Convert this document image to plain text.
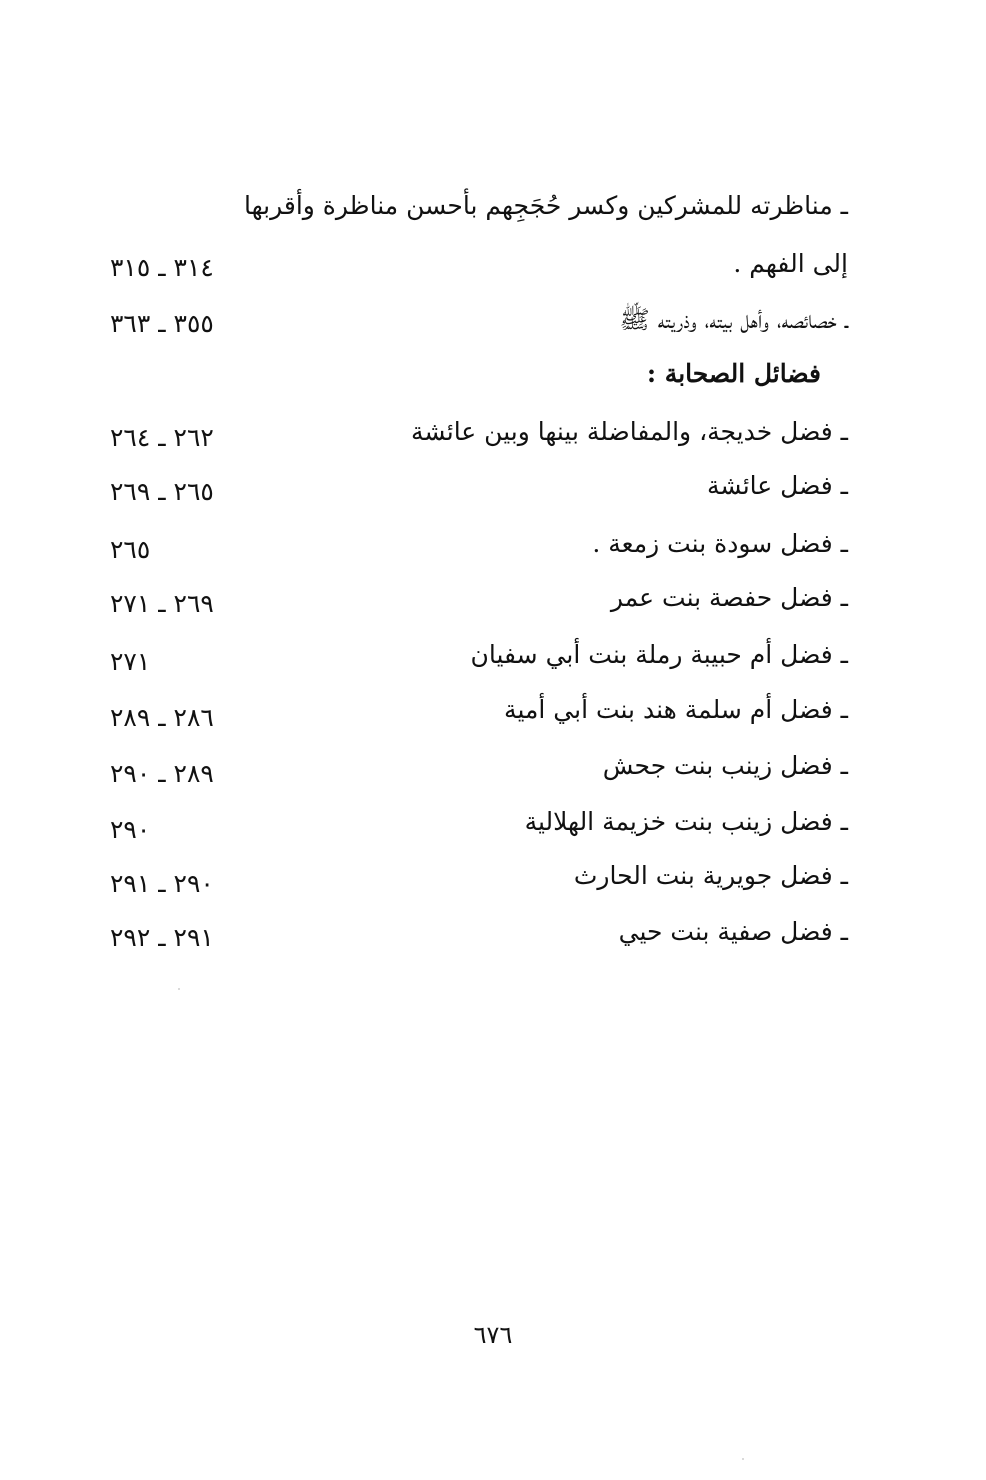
ـ مناظرته للمشركين وكسر حُجَجِهم بأحسن مناظرة وأقربها
إلى الفهم .
٣١٤ ـ ٣١٥
ـ خصائصه، وأهل بيته، وذريته ﷺ
٣٥٥ ـ ٣٦٣
فضائل الصحابة :
ـ فضل خديجة، والمفاضلة بينها وبين عائشة
٢٦٢ ـ ٢٦٤
ـ فضل عائشة
٢٦٥ ـ ٢٦٩
ـ فضل سودة بنت زمعة .
٢٦٥
ـ فضل حفصة بنت عمر
٢٦٩ ـ ٢٧١
ـ فضل أم حبيبة رملة بنت أبي سفيان
٢٧١
ـ فضل أم سلمة هند بنت أبي أمية
٢٨٦ ـ ٢٨٩
ـ فضل زينب بنت جحش
٢٨٩ ـ ٢٩٠
ـ فضل زينب بنت خزيمة الهلالية
٢٩٠
ـ فضل جويرية بنت الحارث
٢٩٠ ـ ٢٩١
ـ فضل صفية بنت حيي
٢٩١ ـ ٢٩٢
٦٧٦
